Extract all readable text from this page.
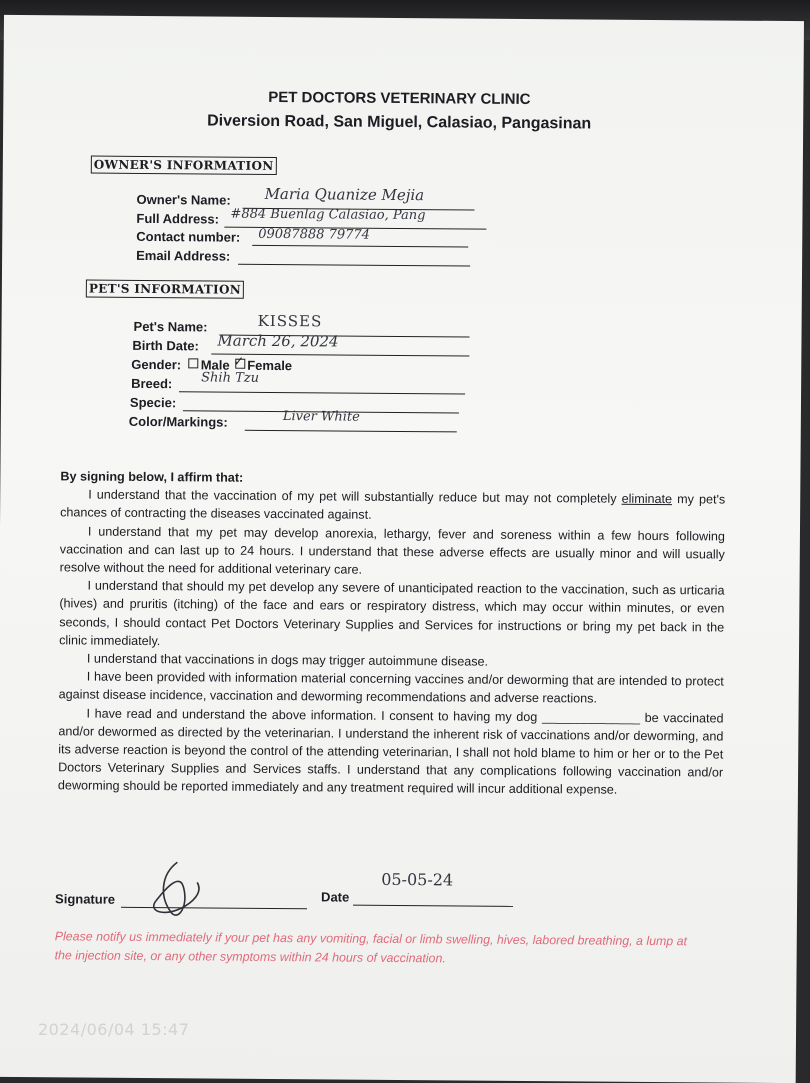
PET DOCTORS VETERINARY CLINIC
Diversion Road, San Miguel, Calasiao, Pangasinan
OWNER'S INFORMATION
Owner's Name: Maria Quanize Mejia
Full Address: #884 Buenlag Calasiao, Pang
Contact number: 09087888 79774
Email Address:
PET'S INFORMATION
Pet's Name:	KISSES
Birth Date: March 26, 2024
Gender: Male ✓ Female
Breed: Shih Tzu
Specie:
Color/Markings:	Liver White

By signing below, I affirm that:

I understand that the vaccination of my pet will substantially reduce but may not completely eliminate my pet's chances of contracting the diseases vaccinated against.

I understand that my pet may develop anorexia, lethargy, fever and soreness within a few hours following vaccination and can last up to 24 hours. I understand that these adverse effects are usually minor and will usually resolve without the need for additional veterinary care.

I understand that should my pet develop any severe of unanticipated reaction to the vaccination, such as urticaria (hives) and pruritis (itching) of the face and ears or respiratory distress, which may occur within minutes, or even seconds, I should contact Pet Doctors Veterinary Supplies and Services for instructions or bring my pet back in the clinic immediately.

I understand that vaccinations in dogs may trigger autoimmune disease.

I have been provided with information material concerning vaccines and/or deworming that are intended to protect against disease incidence, vaccination and deworming recommendations and adverse reactions.

I have read and understand the above information. I consent to having my dog ______________ be vaccinated and/or dewormed as directed by the veterinarian. I understand the inherent risk of vaccinations and/or deworming, and its adverse reaction is beyond the control of the attending veterinarian, I shall not hold blame to him or her or to the Pet Doctors Veterinary Supplies and Services staffs. I understand that any complications following vaccination and/or deworming should be reported immediately and any treatment required will incur additional expense.

Signature	Date
05-05-24
Please notify us immediately if your pet has any vomiting, facial or limb swelling, hives, labored breathing, a lump at the injection site, or any other symptoms within 24 hours of vaccination.
2024/06/04 15:47
